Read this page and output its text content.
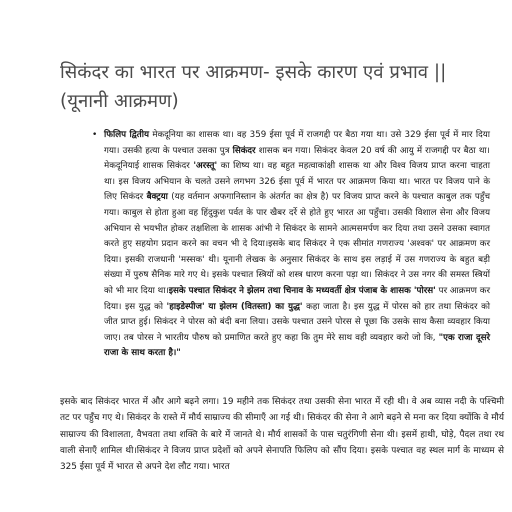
सिकंदर का भारत पर आक्रमण- इसके कारण एवं प्रभाव ||
(यूनानी आक्रमण)
• फिलिप द्वितीय मेकदूनिया का शासक था। वह 359 ईसा पूर्व में राजगद्दी पर बैठा गया था। उसे 329 ईसा पूर्व में मार दिया गया। उसकी हत्या के पश्चात उसका पुत्र सिकंदर शासक बन गया। सिकंदर केवल 20 वर्ष की आयु में राजगद्दी पर बैठा था। मेकदूनियाई शासक सिकंदर 'अरस्तू' का शिष्य था। वह बहुत महत्वाकांक्षी शासक था और विश्व विजय प्राप्त करना चाहता था। इस विजय अभियान के चलते उसने लगभग 326 ईसा पूर्व में भारत पर आक्रमण किया था। भारत पर विजय पाने के लिए सिकंदर बैक्ट्रया (यह वर्तमान अफगानिस्तान के अंतर्गत का क्षेत्र है) पर विजय प्राप्त करने के पश्चात काबुल तक पहुँच गया। काबुल से होता हुआ वह हिंदुकुश पर्वत के पार खैबर दर्रे से होते हुए भारत आ पहुँचा। उसकी विशाल सेना और विजय अभियान से भयभीत होकर तक्षशिला के शासक आंभी ने सिकंदर के सामने आत्मसमर्पण कर दिया तथा उसने उसका स्वागत करते हुए सहयोग प्रदान करने का वचन भी दे दिया।इसके बाद सिकंदर ने एक सीमांत गणराज्य 'अश्वक' पर आक्रमण कर दिया। इसकी राजधानी 'मस्सक' थी। यूनानी लेखक के अनुसार सिकंदर के साथ इस लड़ाई में उस गणराज्य के बहुत बड़ी संख्या में पुरुष सैनिक मारे गए थे। इसके पश्चात स्त्रियों को शस्त्र धारण करना पड़ा था। सिकंदर ने उस नगर की समस्त स्त्रियों को भी मार दिया था।इसके पश्चात सिकंदर ने झेलम तथा चिनाव के मध्यवर्ती क्षेत्र पंजाब के शासक 'पोरस' पर आक्रमण कर दिया। इस युद्ध को 'हाइडेस्पीज' या झेलम (वितस्ता) का युद्ध' कहा जाता है। इस युद्ध में पोरस को हार तथा सिकंदर को जीत प्राप्त हुई। सिकंदर ने पोरस को बंदी बना लिया। उसके पश्चात उसने पोरस से पूछा कि उसके साथ कैसा व्यवहार किया जाए। तब पोरस ने भारतीय पौरुष को प्रमाणित करते हुए कहा कि तुम मेरे साथ वही व्यवहार करो जो कि, "एक राजा दूसरे राजा के साथ करता है।"

इसके बाद सिकंदर भारत में और आगे बढ़ने लगा। 19 महीने तक सिकंदर तथा उसकी सेना भारत में रही थी। वे अब व्यास नदी के पश्चिमी तट पर पहुँच गए थे। सिकंदर के रास्ते में मौर्य साम्राज्य की सीमाएँ आ गई थी। सिकंदर की सेना ने आगे बढ़ने से मना कर दिया क्योंकि वे मौर्य साम्राज्य की विशालता, वैभवता तथा शक्ति के बारे में जानते थे। मौर्य शासकों के पास चतुरंगिणी सेना थी। इसमें हाथी, घोड़े, पैदल तथा रथ वाली सेनाएँ शामिल थी।सिकंदर ने विजय प्राप्त प्रदेशों को अपने सेनापति फिलिप को सौंप दिया। इसके पश्चात वह स्थल मार्ग के माध्यम से 325 ईसा पूर्व में भारत से अपने देश लौट गया। भारत
